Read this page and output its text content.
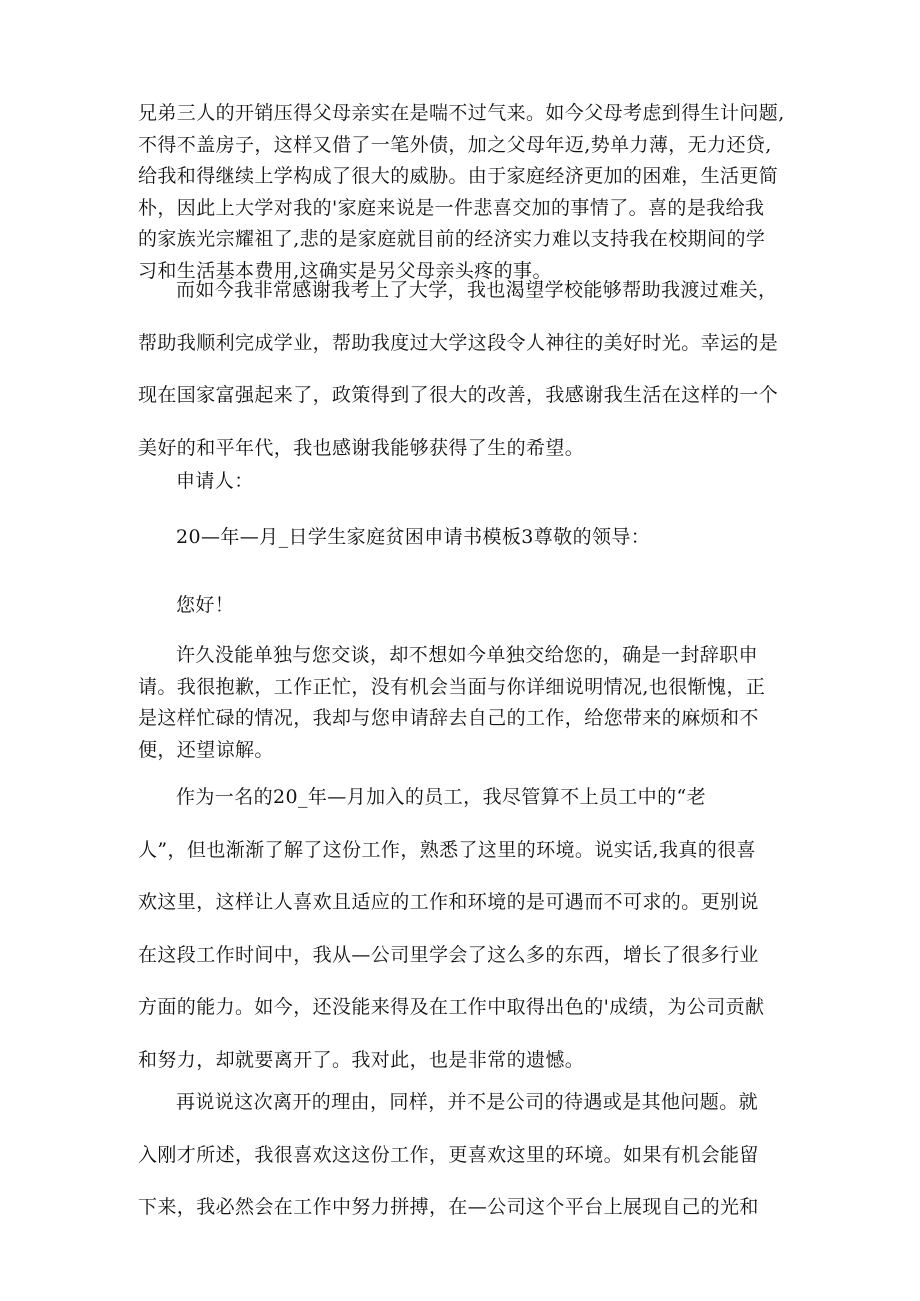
兄弟三人的开销压得父母亲实在是喘不过气来。如今父母考虑到得生计问题,
不得不盖房子，这样又借了一笔外债，加之父母年迈,势单力薄，无力还贷,
给我和得继续上学构成了很大的威胁。由于家庭经济更加的困难，生活更简
朴，因此上大学对我的'家庭来说是一件悲喜交加的事情了。喜的是我给我
的家族光宗耀祖了,悲的是家庭就目前的经济实力难以支持我在校期间的学
习和生活基本费用,这确实是另父母亲头疼的事。
而如今我非常感谢我考上了大学，我也渴望学校能够帮助我渡过难关，
帮助我顺利完成学业，帮助我度过大学这段令人神往的美好时光。幸运的是
现在国家富强起来了，政策得到了很大的改善，我感谢我生活在这样的一个
美好的和平年代，我也感谢我能够获得了生的希望。
申请人：
20—年—月_日学生家庭贫困申请书模板3尊敬的领导：
您好！
许久没能单独与您交谈，却不想如今单独交给您的，确是一封辞职申
请。我很抱歉，工作正忙，没有机会当面与你详细说明情况,也很惭愧，正
是这样忙碌的情况，我却与您申请辞去自己的工作，给您带来的麻烦和不
便，还望谅解。
作为一名的20_年—月加入的员工，我尽管算不上员工中的“老
人”，但也渐渐了解了这份工作，熟悉了这里的环境。说实话,我真的很喜
欢这里，这样让人喜欢且适应的工作和环境的是可遇而不可求的。更别说
在这段工作时间中，我从—公司里学会了这么多的东西，增长了很多行业
方面的能力。如今，还没能来得及在工作中取得出色的'成绩，为公司贡献
和努力，却就要离开了。我对此，也是非常的遗憾。
再说说这次离开的理由，同样，并不是公司的待遇或是其他问题。就
入刚才所述，我很喜欢这这份工作，更喜欢这里的环境。如果有机会能留
下来，我必然会在工作中努力拼搏，在—公司这个平台上展现自己的光和
